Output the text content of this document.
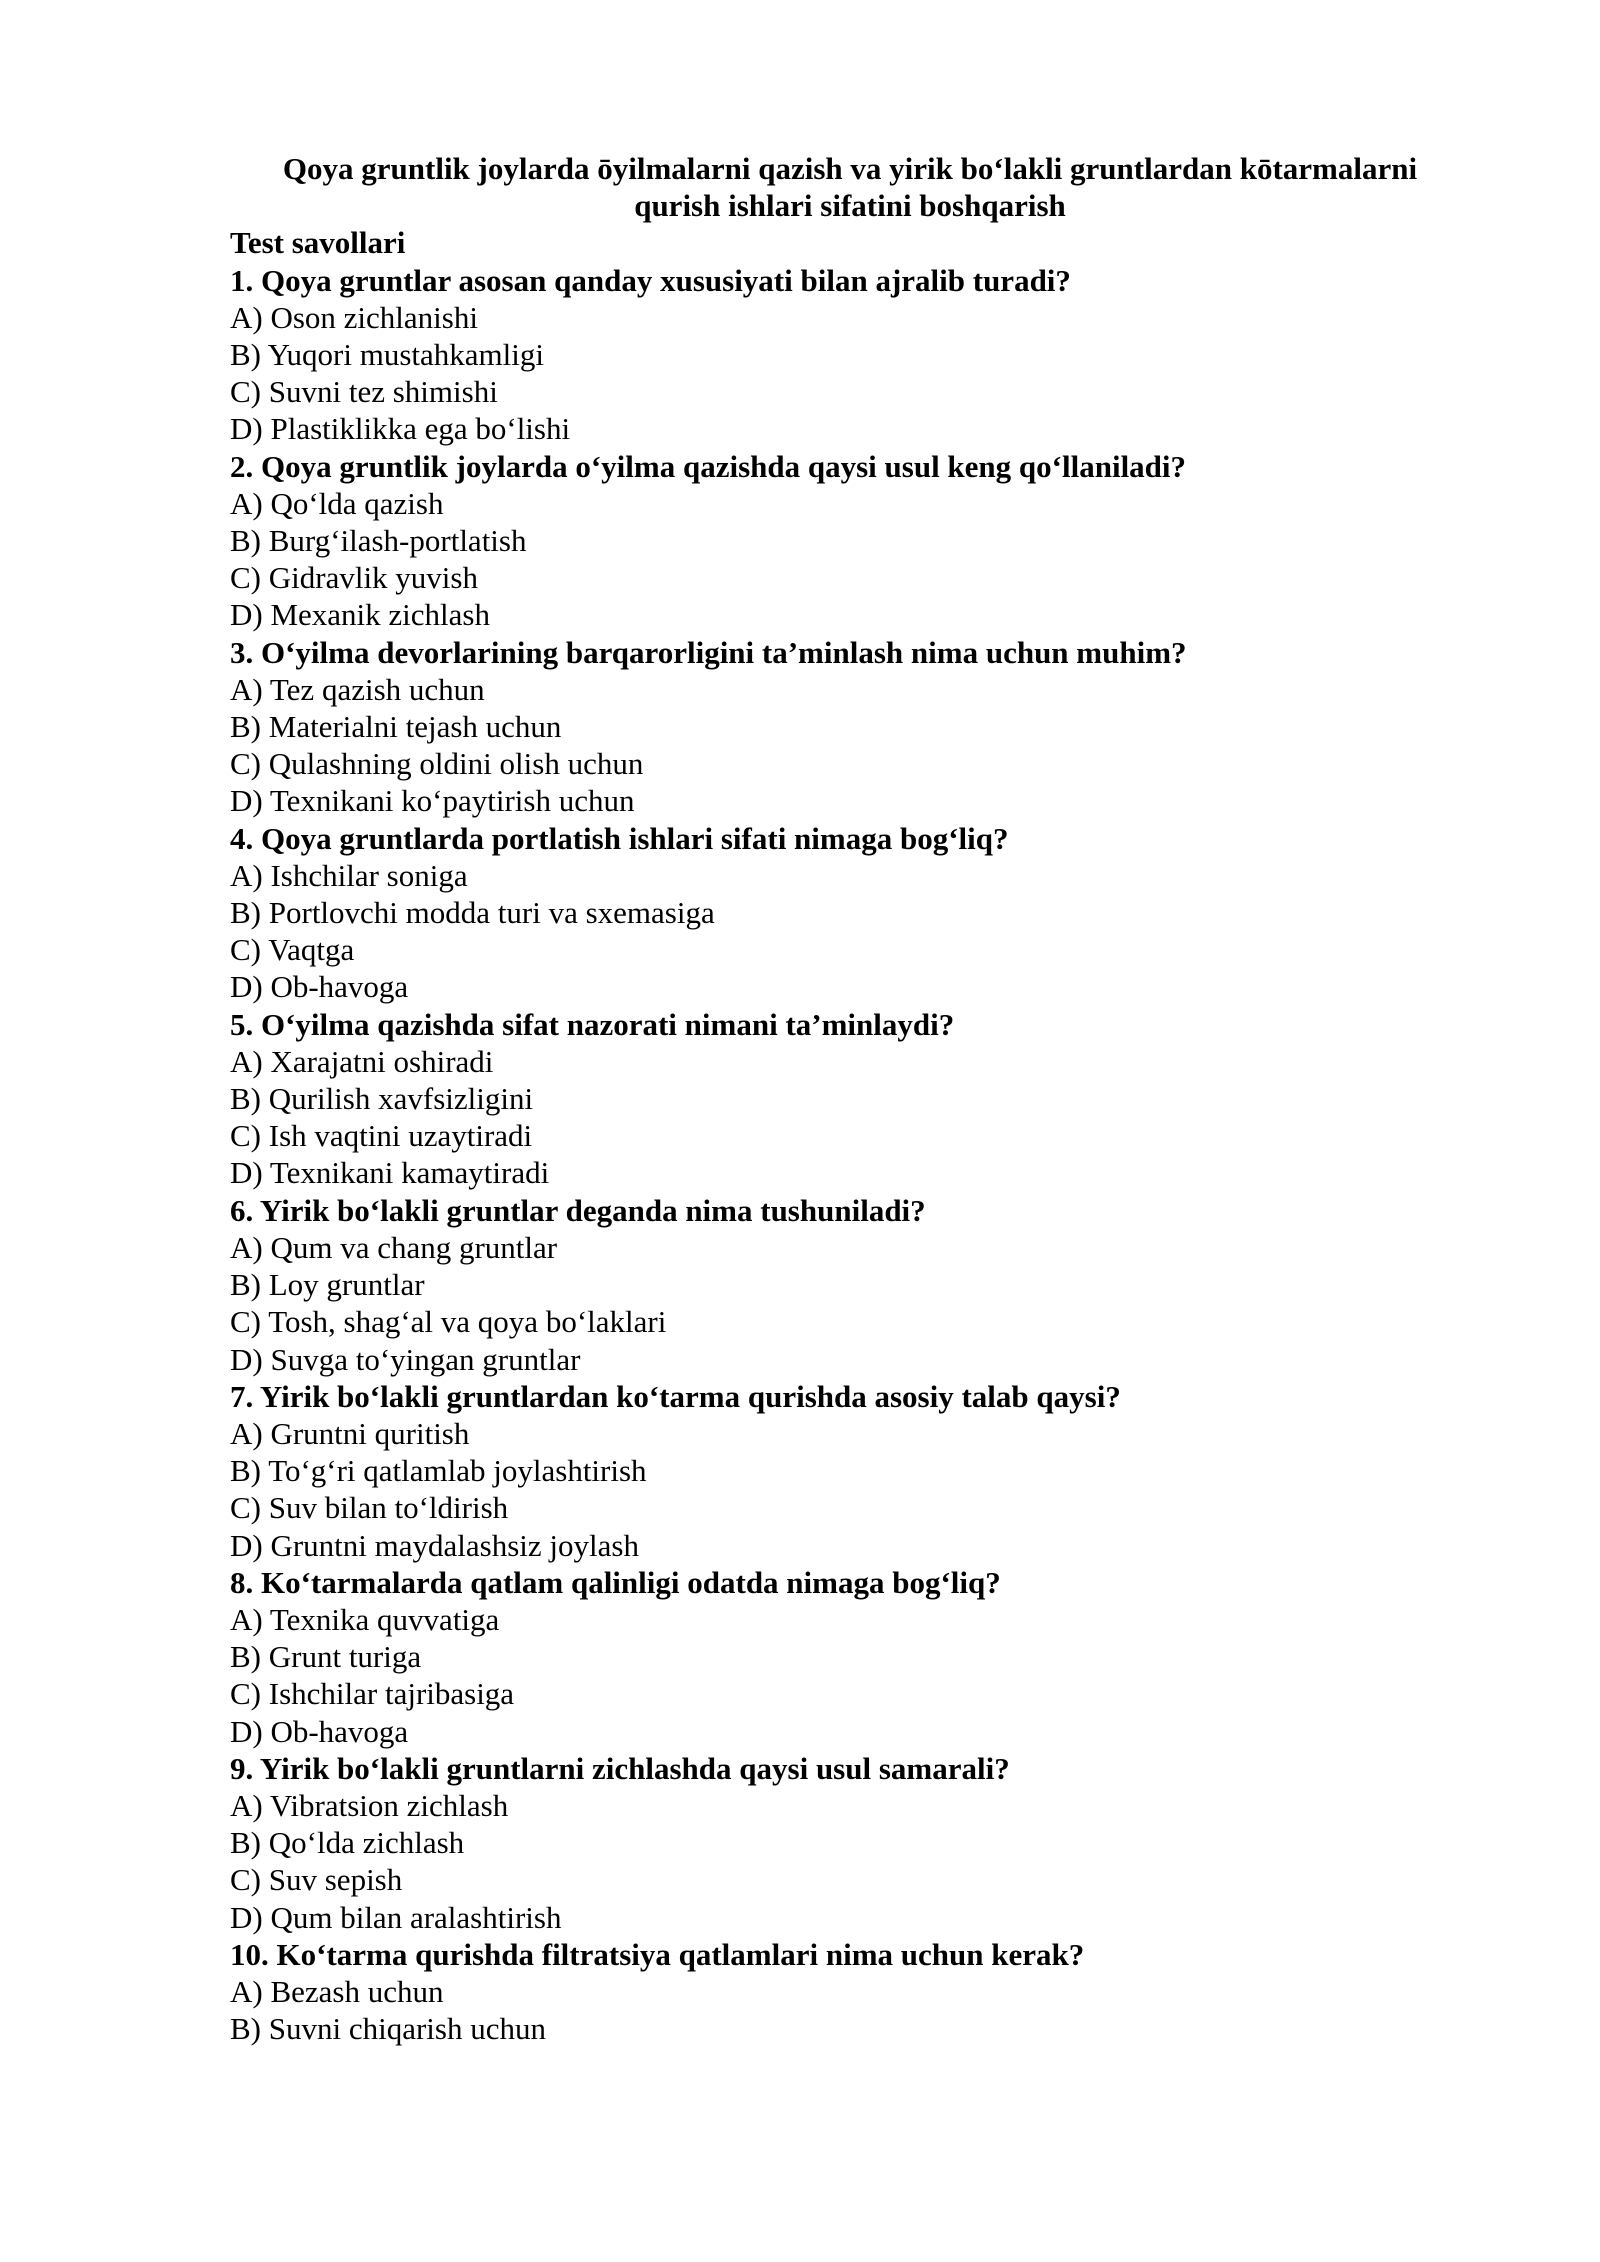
Qoya gruntlik joylarda ōyilmalarni qazish va yirik bo‘lakli gruntlardan kōtarmalarni
qurish ishlari sifatini boshqarish
Test savollari
1. Qoya gruntlar asosan qanday xususiyati bilan ajralib turadi?
A) Oson zichlanishi
B) Yuqori mustahkamligi
C) Suvni tez shimishi
D) Plastiklikka ega bo‘lishi
2. Qoya gruntlik joylarda o‘yilma qazishda qaysi usul keng qo‘llaniladi?
A) Qo‘lda qazish
B) Burg‘ilash-portlatish
C) Gidravlik yuvish
D) Mexanik zichlash
3. O‘yilma devorlarining barqarorligini ta’minlash nima uchun muhim?
A) Tez qazish uchun
B) Materialni tejash uchun
C) Qulashning oldini olish uchun
D) Texnikani ko‘paytirish uchun
4. Qoya gruntlarda portlatish ishlari sifati nimaga bog‘liq?
A) Ishchilar soniga
B) Portlovchi modda turi va sxemasiga
C) Vaqtga
D) Ob-havoga
5. O‘yilma qazishda sifat nazorati nimani ta’minlaydi?
A) Xarajatni oshiradi
B) Qurilish xavfsizligini
C) Ish vaqtini uzaytiradi
D) Texnikani kamaytiradi
6. Yirik bo‘lakli gruntlar deganda nima tushuniladi?
A) Qum va chang gruntlar
B) Loy gruntlar
C) Tosh, shag‘al va qoya bo‘laklari
D) Suvga to‘yingan gruntlar
7. Yirik bo‘lakli gruntlardan ko‘tarma qurishda asosiy talab qaysi?
A) Gruntni quritish
B) To‘g‘ri qatlamlab joylashtirish
C) Suv bilan to‘ldirish
D) Gruntni maydalashsiz joylash
8. Ko‘tarmalarda qatlam qalinligi odatda nimaga bog‘liq?
A) Texnika quvvatiga
B) Grunt turiga
C) Ishchilar tajribasiga
D) Ob-havoga
9. Yirik bo‘lakli gruntlarni zichlashda qaysi usul samarali?
A) Vibratsion zichlash
B) Qo‘lda zichlash
C) Suv sepish
D) Qum bilan aralashtirish
10. Ko‘tarma qurishda filtratsiya qatlamlari nima uchun kerak?
A) Bezash uchun
B) Suvni chiqarish uchun
